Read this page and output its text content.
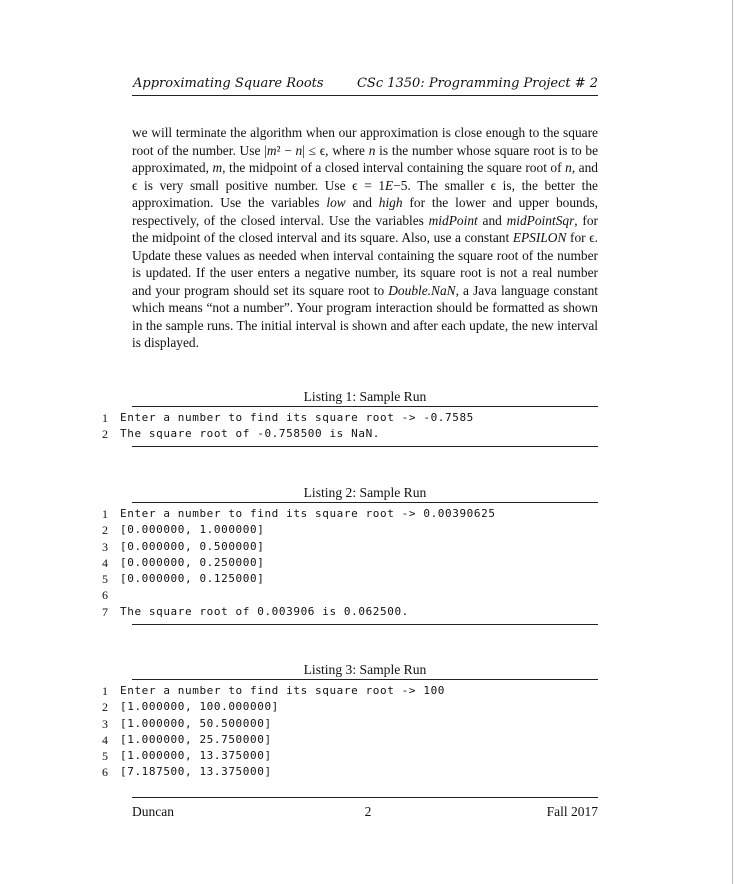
Approximating Square Roots	CSc 1350: Programming Project # 2
we will terminate the algorithm when our approximation is close enough to the square root of the number. Use |m² − n| ≤ ϵ, where n is the number whose square root is to be approximated, m, the midpoint of a closed interval containing the square root of n, and ϵ is very small positive number. Use ϵ = 1E−5. The smaller ϵ is, the better the approximation. Use the variables low and high for the lower and upper bounds, respectively, of the closed interval. Use the variables midPoint and midPointSqr, for the midpoint of the closed interval and its square. Also, use a constant EPSILON for ϵ. Update these values as needed when interval containing the square root of the number is updated. If the user enters a negative number, its square root is not a real number and your program should set its square root to Double.NaN, a Java language constant which means “not a number”. Your program interaction should be formatted as shown in the sample runs. The initial interval is shown and after each update, the new interval is displayed.
Listing 1: Sample Run
1	Enter a number to find its square root -> -0.7585
2	The square root of -0.758500 is NaN.
Listing 2: Sample Run
1	Enter a number to find its square root -> 0.00390625
2	[0.000000, 1.000000]
3	[0.000000, 0.500000]
4	[0.000000, 0.250000]
5	[0.000000, 0.125000]
6
7	The square root of 0.003906 is 0.062500.
Listing 3: Sample Run
1	Enter a number to find its square root -> 100
2	[1.000000, 100.000000]
3	[1.000000, 50.500000]
4	[1.000000, 25.750000]
5	[1.000000, 13.375000]
6	[7.187500, 13.375000]
Duncan	2	Fall 2017
